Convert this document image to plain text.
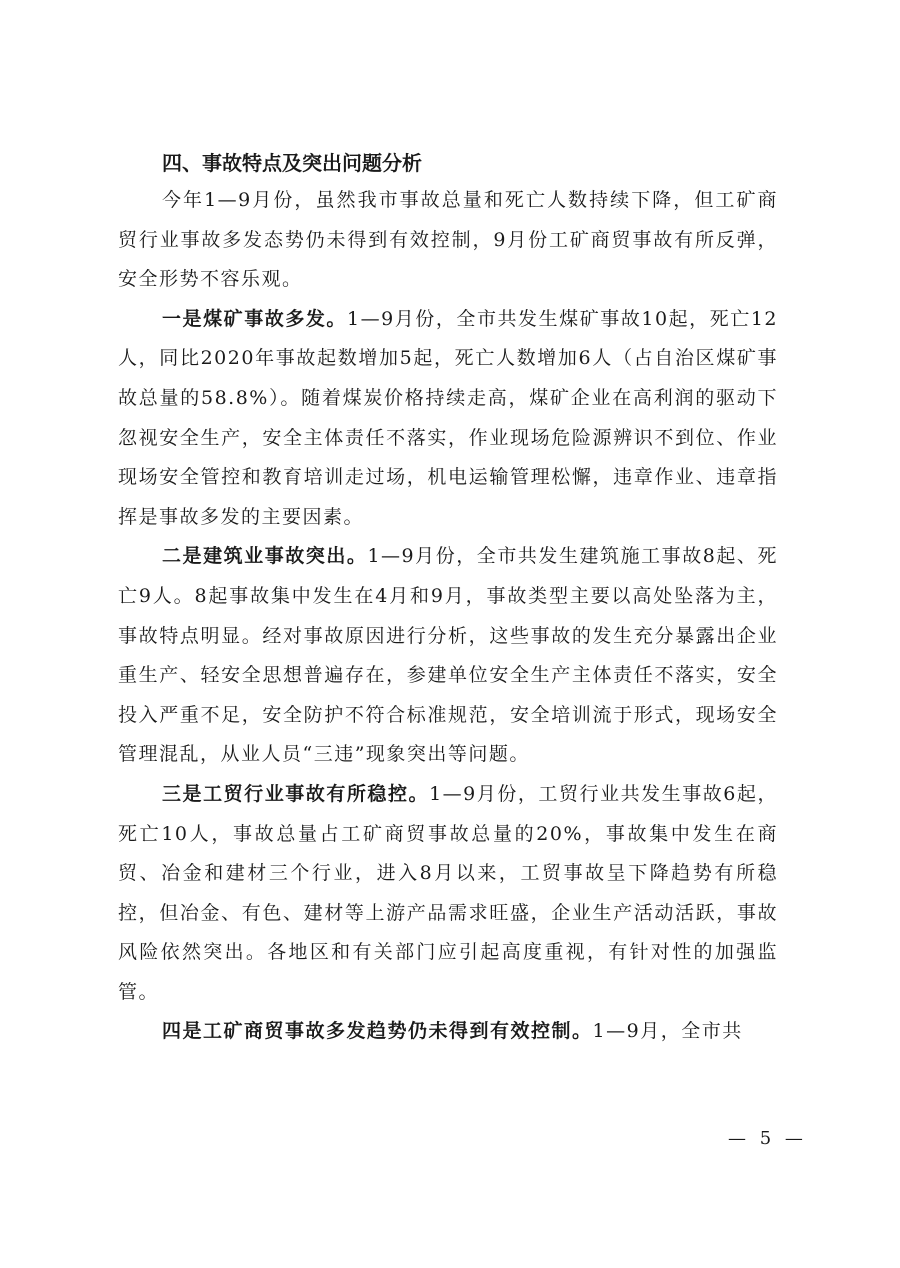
四、事故特点及突出问题分析

今年1—9月份，虽然我市事故总量和死亡人数持续下降，但工矿商贸行业事故多发态势仍未得到有效控制，9月份工矿商贸事故有所反弹，安全形势不容乐观。

一是煤矿事故多发。1—9月份，全市共发生煤矿事故10起，死亡12人，同比2020年事故起数增加5起，死亡人数增加6人（占自治区煤矿事故总量的58.8%）。随着煤炭价格持续走高，煤矿企业在高利润的驱动下忽视安全生产，安全主体责任不落实，作业现场危险源辨识不到位、作业现场安全管控和教育培训走过场，机电运输管理松懈，违章作业、违章指挥是事故多发的主要因素。

二是建筑业事故突出。1—9月份，全市共发生建筑施工事故8起、死亡9人。8起事故集中发生在4月和9月，事故类型主要以高处坠落为主，事故特点明显。经对事故原因进行分析，这些事故的发生充分暴露出企业重生产、轻安全思想普遍存在，参建单位安全生产主体责任不落实，安全投入严重不足，安全防护不符合标准规范，安全培训流于形式，现场安全管理混乱，从业人员“三违”现象突出等问题。

三是工贸行业事故有所稳控。1—9月份，工贸行业共发生事故6起，死亡10人，事故总量占工矿商贸事故总量的20%，事故集中发生在商贸、冶金和建材三个行业，进入8月以来，工贸事故呈下降趋势有所稳控，但冶金、有色、建材等上游产品需求旺盛，企业生产活动活跃，事故风险依然突出。各地区和有关部门应引起高度重视，有针对性的加强监管。

四是工矿商贸事故多发趋势仍未得到有效控制。1—9月，全市共

— 5 —
